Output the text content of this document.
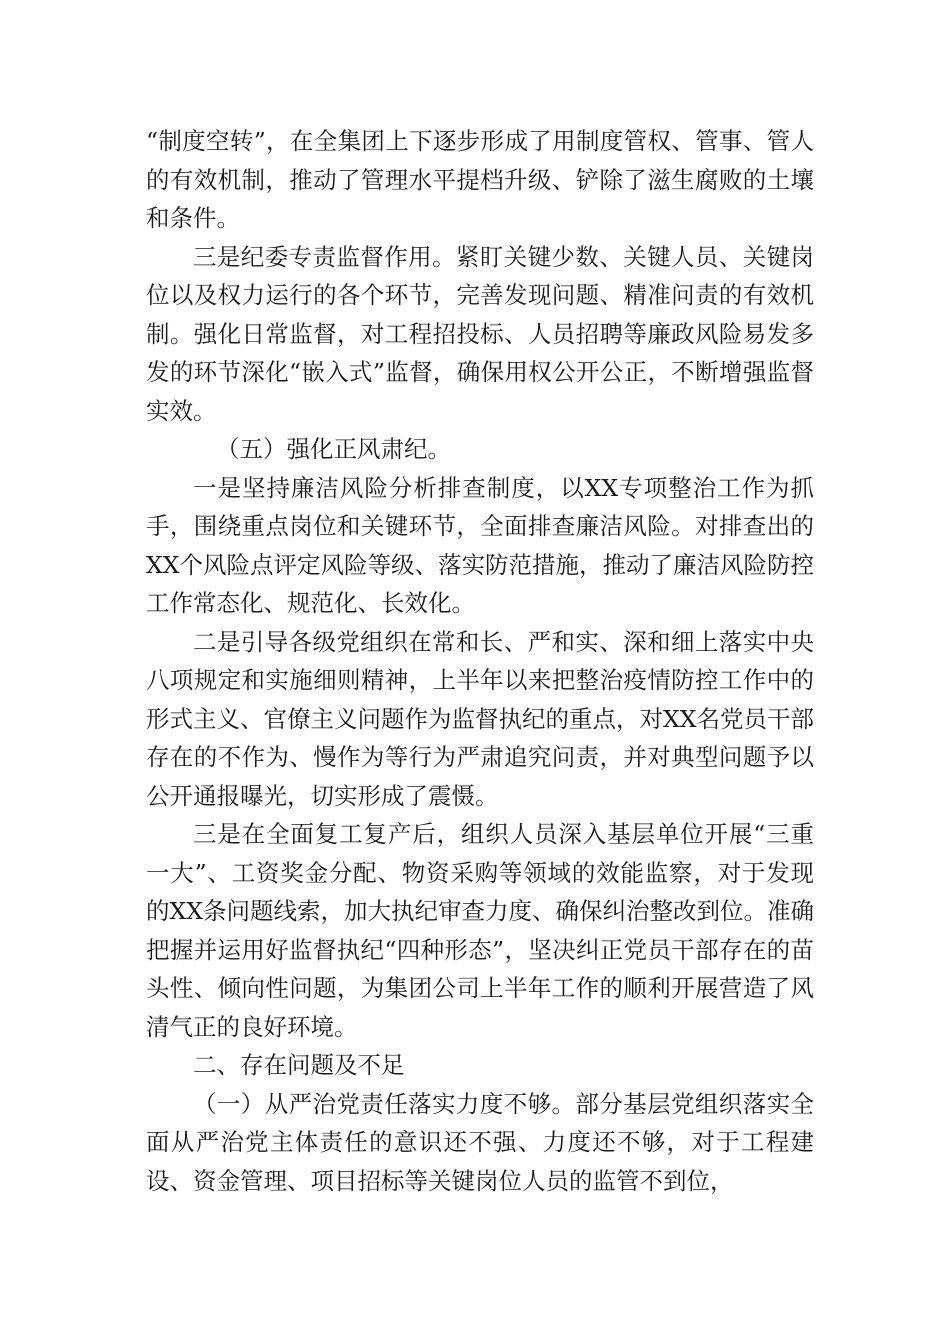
“制度空转”，在全集团上下逐步形成了用制度管权、管事、管人的有效机制，推动了管理水平提档升级、铲除了滋生腐败的土壤和条件。

三是纪委专责监督作用。紧盯关键少数、关键人员、关键岗位以及权力运行的各个环节，完善发现问题、精准问责的有效机制。强化日常监督，对工程招投标、人员招聘等廉政风险易发多发的环节深化“嵌入式”监督，确保用权公开公正，不断增强监督实效。

（五）强化正风肃纪。

一是坚持廉洁风险分析排查制度，以XX专项整治工作为抓手，围绕重点岗位和关键环节，全面排查廉洁风险。对排查出的XX个风险点评定风险等级、落实防范措施，推动了廉洁风险防控工作常态化、规范化、长效化。

二是引导各级党组织在常和长、严和实、深和细上落实中央八项规定和实施细则精神，上半年以来把整治疫情防控工作中的形式主义、官僚主义问题作为监督执纪的重点，对XX名党员干部存在的不作为、慢作为等行为严肃追究问责，并对典型问题予以公开通报曝光，切实形成了震慑。

三是在全面复工复产后，组织人员深入基层单位开展“三重一大”、工资奖金分配、物资采购等领域的效能监察，对于发现的XX条问题线索，加大执纪审查力度、确保纠治整改到位。准确把握并运用好监督执纪“四种形态”，坚决纠正党员干部存在的苗头性、倾向性问题，为集团公司上半年工作的顺利开展营造了风清气正的良好环境。

二、存在问题及不足

（一）从严治党责任落实力度不够。部分基层党组织落实全面从严治党主体责任的意识还不强、力度还不够，对于工程建设、资金管理、项目招标等关键岗位人员的监管不到位，
